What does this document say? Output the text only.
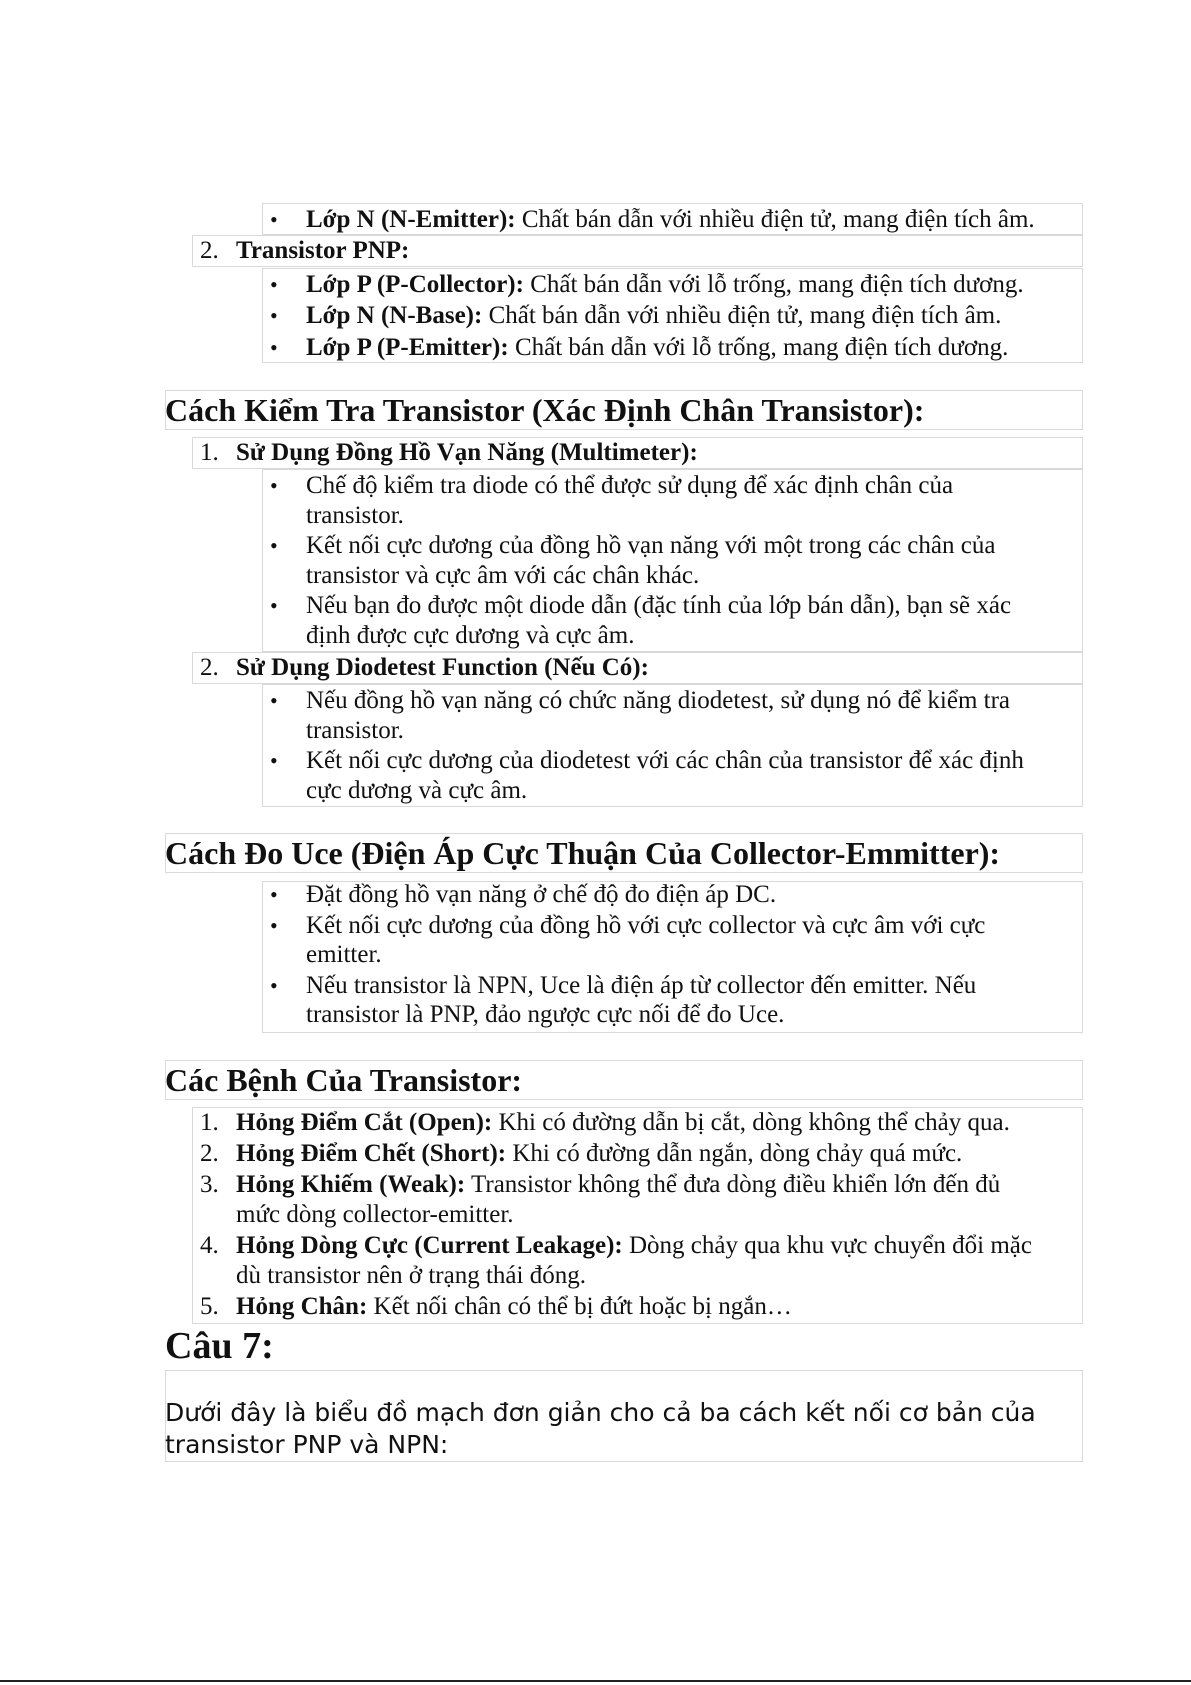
• Lớp N (N-Emitter): Chất bán dẫn với nhiều điện tử, mang điện tích âm.
2. Transistor PNP:
• Lớp P (P-Collector): Chất bán dẫn với lỗ trống, mang điện tích dương.
• Lớp N (N-Base): Chất bán dẫn với nhiều điện tử, mang điện tích âm.
• Lớp P (P-Emitter): Chất bán dẫn với lỗ trống, mang điện tích dương.
Cách Kiểm Tra Transistor (Xác Định Chân Transistor):
1. Sử Dụng Đồng Hồ Vạn Năng (Multimeter):
• Chế độ kiểm tra diode có thể được sử dụng để xác định chân của
transistor.
• Kết nối cực dương của đồng hồ vạn năng với một trong các chân của
transistor và cực âm với các chân khác.
• Nếu bạn đo được một diode dẫn (đặc tính của lớp bán dẫn), bạn sẽ xác
định được cực dương và cực âm.
2. Sử Dụng Diodetest Function (Nếu Có):
• Nếu đồng hồ vạn năng có chức năng diodetest, sử dụng nó để kiểm tra
transistor.
• Kết nối cực dương của diodetest với các chân của transistor để xác định
cực dương và cực âm.
Cách Đo Uce (Điện Áp Cực Thuận Của Collector-Emmitter):
• Đặt đồng hồ vạn năng ở chế độ đo điện áp DC.
• Kết nối cực dương của đồng hồ với cực collector và cực âm với cực
emitter.
• Nếu transistor là NPN, Uce là điện áp từ collector đến emitter. Nếu
transistor là PNP, đảo ngược cực nối để đo Uce.
Các Bệnh Của Transistor:
1. Hỏng Điểm Cắt (Open): Khi có đường dẫn bị cắt, dòng không thể chảy qua.
2. Hỏng Điểm Chết (Short): Khi có đường dẫn ngắn, dòng chảy quá mức.
3. Hỏng Khiếm (Weak): Transistor không thể đưa dòng điều khiển lớn đến đủ
mức dòng collector-emitter.
4. Hỏng Dòng Cực (Current Leakage): Dòng chảy qua khu vực chuyển đổi mặc
dù transistor nên ở trạng thái đóng.
5. Hỏng Chân: Kết nối chân có thể bị đứt hoặc bị ngắn…
Câu 7:
Dưới đây là biểu đồ mạch đơn giản cho cả ba cách kết nối cơ bản của
transistor PNP và NPN:
